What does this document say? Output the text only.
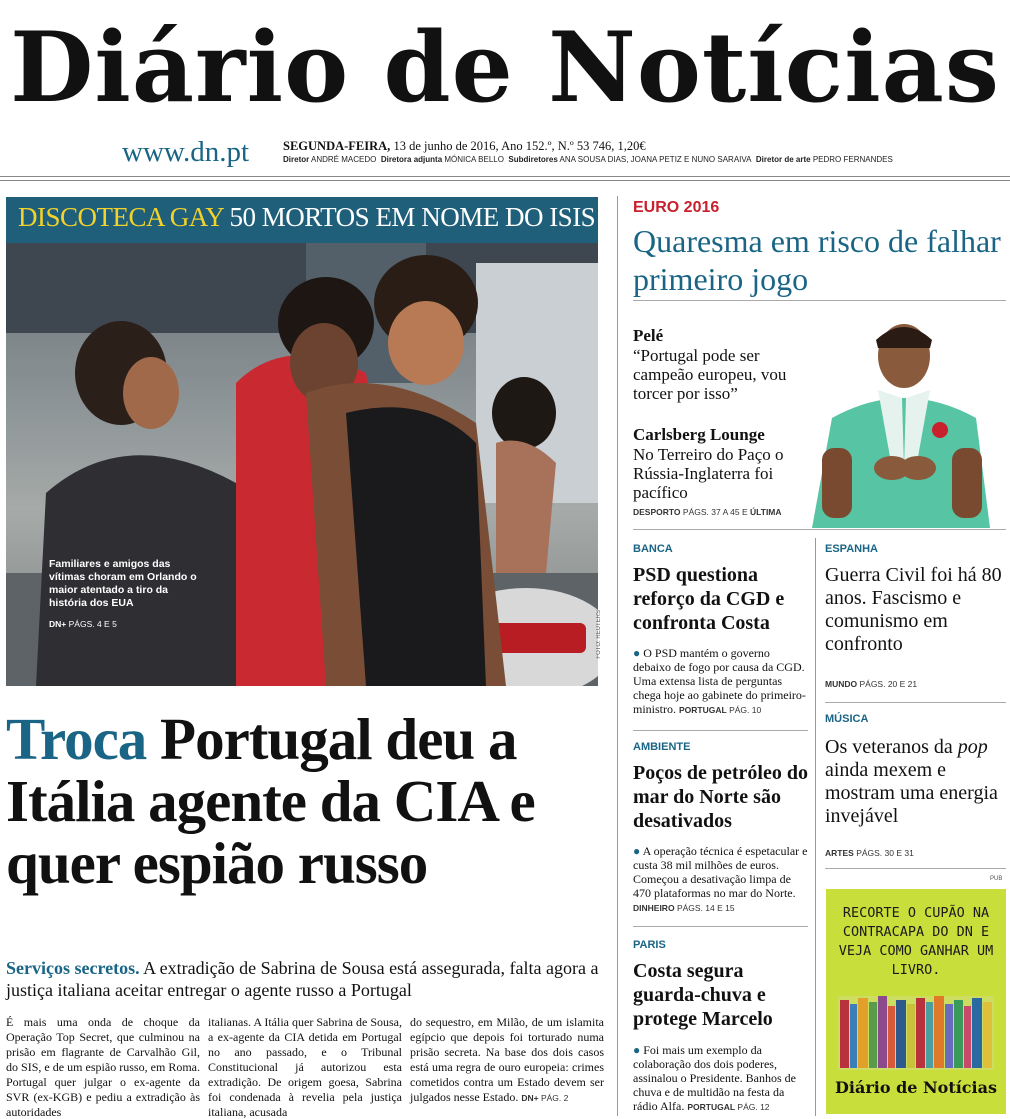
Diário de Notícias
www.dn.pt	SEGUNDA-FEIRA, 13 de junho de 2016, Ano 152.º, N.º 53 746, 1,20€
Diretor ANDRÉ MACEDO Diretora adjunta MÓNICA BELLO Subdiretores ANA SOUSA DIAS, JOANA PETIZ E NUNO SARAIVA Diretor de arte PEDRO FERNANDES
DISCOTECA GAY 50 MORTOS EM NOME DO ISIS
Familiares e amigos das vítimas choram em Orlando o maior atentado a tiro da história dos EUA
DN+ PÁGS. 4 E 5	FOTO: REUTERS
Troca Portugal deu a Itália agente da CIA e quer espião russo
Serviços secretos. A extradição de Sabrina de Sousa está assegurada, falta agora a justiça italiana aceitar entregar o agente russo a Portugal
É mais uma onda de choque da Operação Top Secret, que culminou na prisão em flagrante de Carvalhão Gil, do SIS, e de um espião russo, em Roma. Portugal quer julgar o ex-agente da SVR (ex-KGB) e pediu a extradição às autoridades
italianas. A Itália quer Sabrina de Sousa, a ex-agente da CIA detida em Portugal no ano passado, e o Tribunal Constitucional já autorizou esta extradição. De origem goesa, Sabrina foi condenada à revelia pela justiça italiana, acusada
do sequestro, em Milão, de um islamita egípcio que depois foi torturado numa prisão secreta. Na base dos dois casos está uma regra de ouro europeia: crimes cometidos contra um Estado devem ser julgados nesse Estado. DN+ PÁG. 2
EURO 2016
Quaresma em risco de falhar primeiro jogo
Pelé
“Portugal pode ser campeão europeu, vou torcer por isso”
Carlsberg Lounge
No Terreiro do Paço o Rússia-Inglaterra foi pacífico
DESPORTO PÁGS. 37 A 45 E ÚLTIMA
BANCA
PSD questiona reforço da CGD e confronta Costa
● O PSD mantém o governo debaixo de fogo por causa da CGD. Uma extensa lista de perguntas chega hoje ao gabinete do primeiro-ministro. PORTUGAL PÁG. 10
ESPANHA
Guerra Civil foi há 80 anos. Fascismo e comunismo em confronto
MUNDO PÁGS. 20 E 21
AMBIENTE
Poços de petróleo do mar do Norte são desativados
● A operação técnica é espetacular e custa 38 mil milhões de euros. Começou a desativação limpa de 470 plataformas no mar do Norte. DINHEIRO PÁGS. 14 E 15
MÚSICA
Os veteranos da pop ainda mexem e mostram uma energia invejável
ARTES PÁGS. 30 E 31
PARIS
Costa segura guarda-chuva e protege Marcelo
● Foi mais um exemplo da colaboração dos dois poderes, assinalou o Presidente. Banhos de chuva e de multidão na festa da rádio Alfa. PORTUGAL PÁG. 12
PUB
RECORTE O CUPÃO NA CONTRACAPA DO DN E VEJA COMO GANHAR UM LIVRO.
Diário de Notícias
